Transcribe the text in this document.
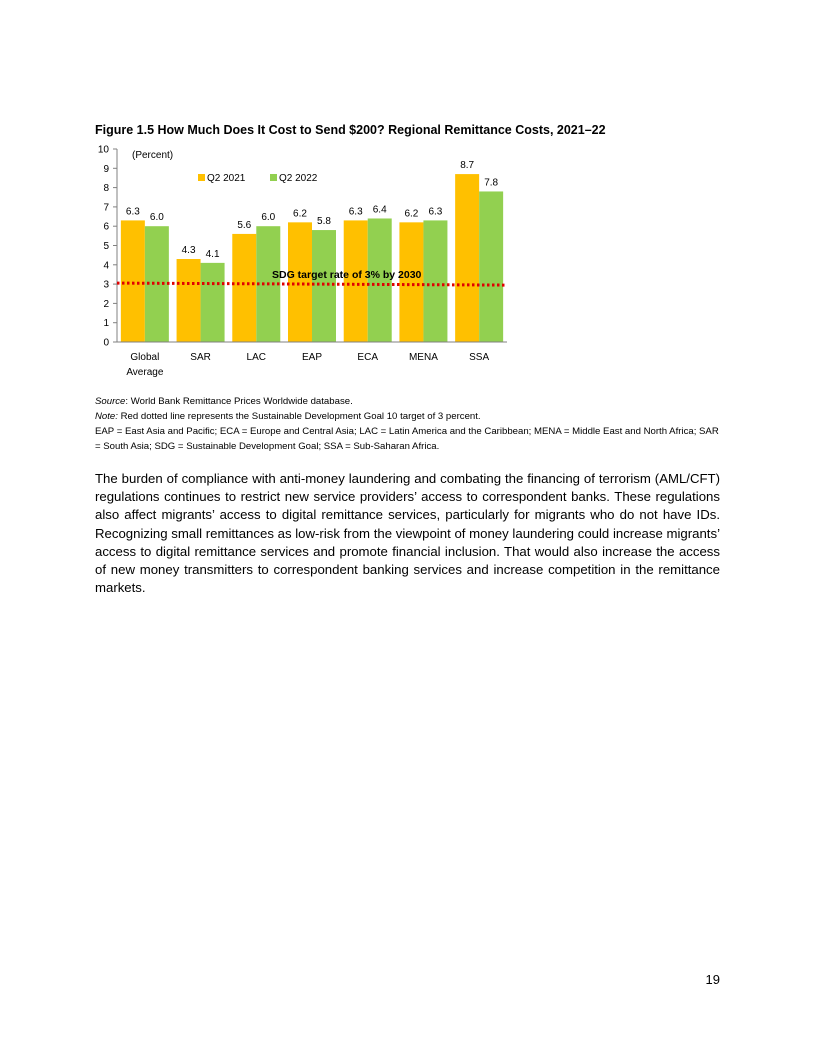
Figure 1.5 How Much Does It Cost to Send $200? Regional Remittance Costs, 2021–22
0
1
2
3
4
5
6
7
8
9
10
6.3
6.0
4.3 4.1
5.6
6.0 6.2
5.8
6.3 6.4 6.2 6.3
8.7
7.8
Global
Average
SAR	LAC	EAP	ECA	MENA	SSA
SDG target rate of 3% by 2030
Q2 2021	Q2 2022
(Percent)

Source: World Bank Remittance Prices Worldwide database.

Note: Red dotted line represents the Sustainable Development Goal 10 target of 3 percent.

EAP = East Asia and Pacific; ECA = Europe and Central Asia; LAC = Latin America and the Caribbean; MENA = Middle East and North Africa; SAR = South Asia; SDG = Sustainable Development Goal; SSA = Sub-Saharan Africa.

The burden of compliance with anti-money laundering and combating the financing of terrorism (AML/CFT) regulations continues to restrict new service providers’ access to correspondent banks. These regulations also affect migrants’ access to digital remittance services, particularly for migrants who do not have IDs. Recognizing small remittances as low-risk from the viewpoint of money laundering could increase migrants’ access to digital remittance services and promote financial inclusion. That would also increase the access of new money transmitters to correspondent banking services and increase competition in the remittance markets.

19
